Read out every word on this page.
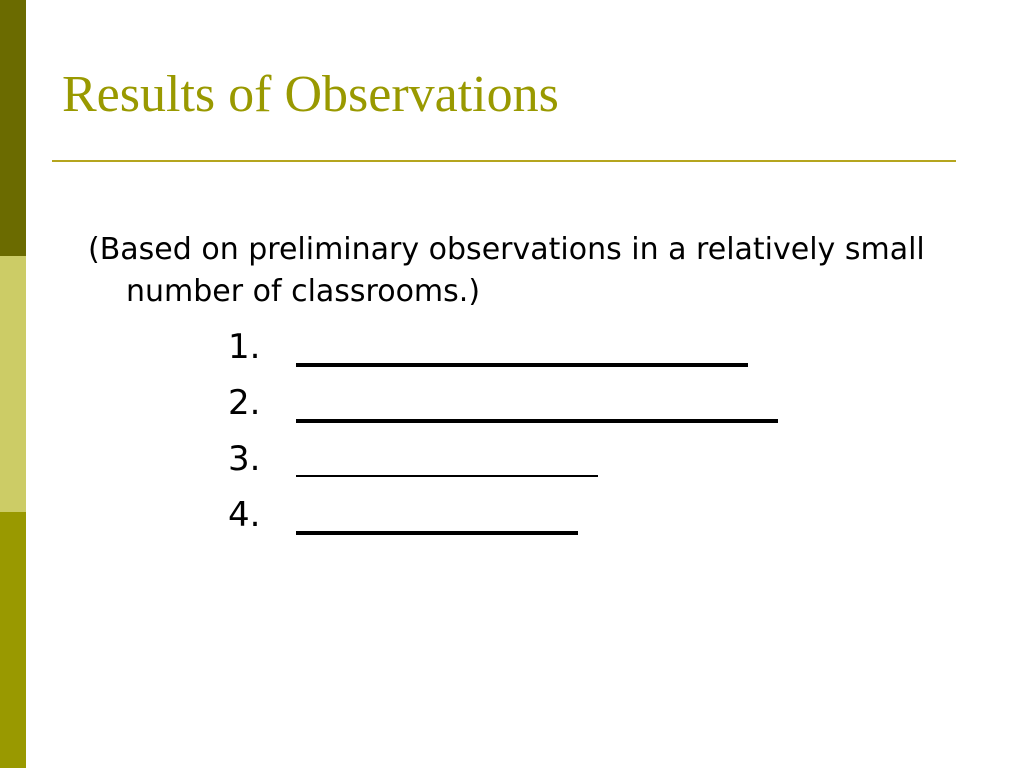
Results of Observations

(Based on preliminary observations in a relatively small number of classrooms.)

1.
2.
3.
4.
